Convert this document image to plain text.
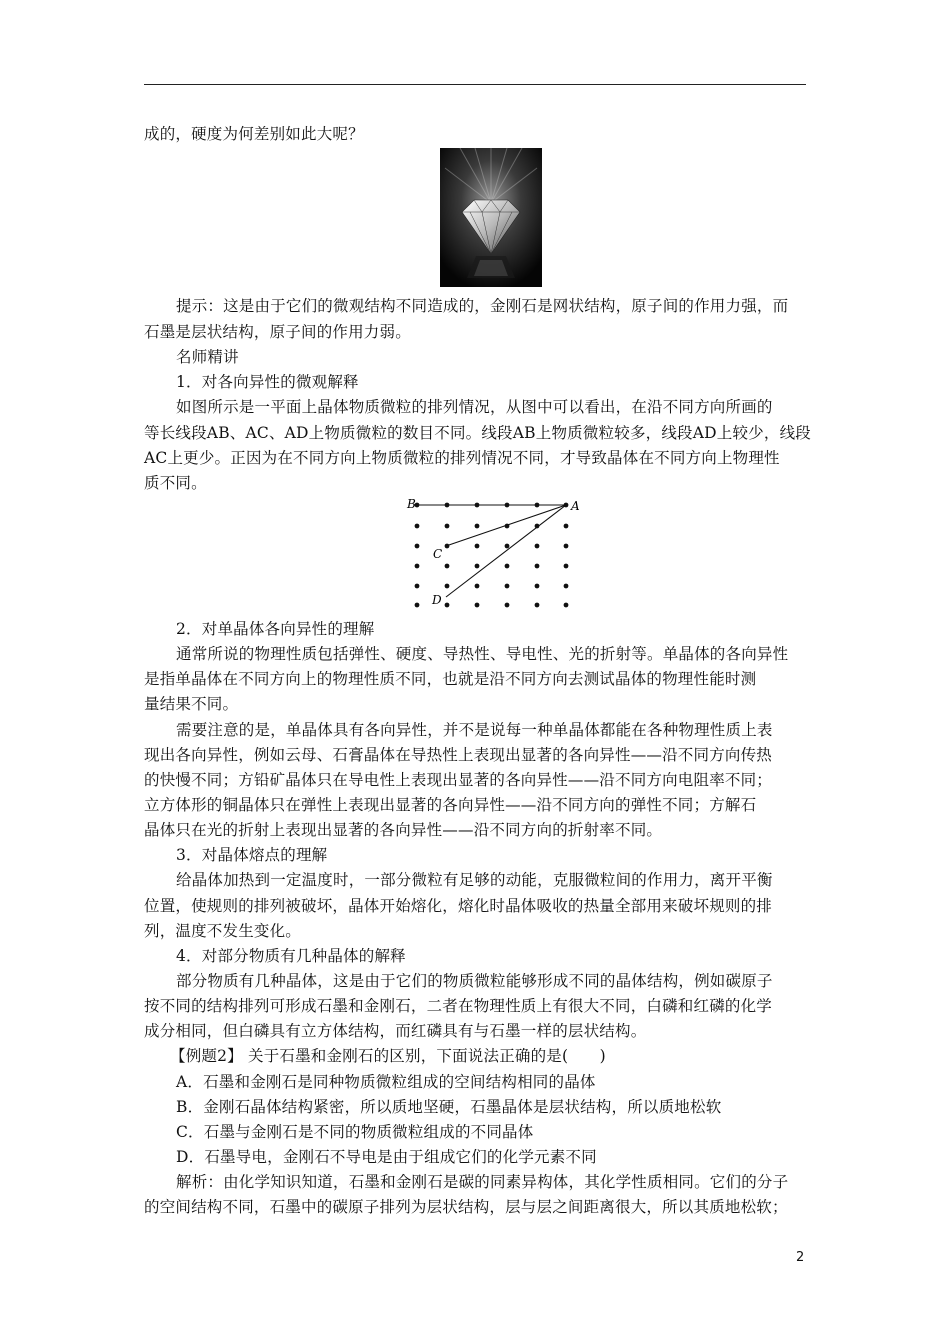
成的，硬度为何差别如此大呢？
提示：这是由于它们的微观结构不同造成的，金刚石是网状结构，原子间的作用力强，而
石墨是层状结构，原子间的作用力弱。
名师精讲
1．对各向异性的微观解释
如图所示是一平面上晶体物质微粒的排列情况，从图中可以看出，在沿不同方向所画的
等长线段AB、AC、AD上物质微粒的数目不同。线段AB上物质微粒较多，线段AD上较少，线段
AC上更少。正因为在不同方向上物质微粒的排列情况不同，才导致晶体在不同方向上物理性
质不同。
B	A
C
D
2．对单晶体各向异性的理解
通常所说的物理性质包括弹性、硬度、导热性、导电性、光的折射等。单晶体的各向异性
是指单晶体在不同方向上的物理性质不同，也就是沿不同方向去测试晶体的物理性能时测
量结果不同。
需要注意的是，单晶体具有各向异性，并不是说每一种单晶体都能在各种物理性质上表
现出各向异性，例如云母、石膏晶体在导热性上表现出显著的各向异性——沿不同方向传热
的快慢不同；方铅矿晶体只在导电性上表现出显著的各向异性——沿不同方向电阻率不同；
立方体形的铜晶体只在弹性上表现出显著的各向异性——沿不同方向的弹性不同；方解石
晶体只在光的折射上表现出显著的各向异性——沿不同方向的折射率不同。
3．对晶体熔点的理解
给晶体加热到一定温度时，一部分微粒有足够的动能，克服微粒间的作用力，离开平衡
位置，使规则的排列被破坏，晶体开始熔化，熔化时晶体吸收的热量全部用来破坏规则的排
列，温度不发生变化。
4．对部分物质有几种晶体的解释
部分物质有几种晶体，这是由于它们的物质微粒能够形成不同的晶体结构，例如碳原子
按不同的结构排列可形成石墨和金刚石，二者在物理性质上有很大不同，白磷和红磷的化学
成分相同，但白磷具有立方体结构，而红磷具有与石墨一样的层状结构。
【例题2】 关于石墨和金刚石的区别，下面说法正确的是(　　)
A．石墨和金刚石是同种物质微粒组成的空间结构相同的晶体
B．金刚石晶体结构紧密，所以质地坚硬，石墨晶体是层状结构，所以质地松软
C．石墨与金刚石是不同的物质微粒组成的不同晶体
D．石墨导电，金刚石不导电是由于组成它们的化学元素不同
解析：由化学知识知道，石墨和金刚石是碳的同素异构体，其化学性质相同。它们的分子
的空间结构不同，石墨中的碳原子排列为层状结构，层与层之间距离很大，所以其质地松软；
2
